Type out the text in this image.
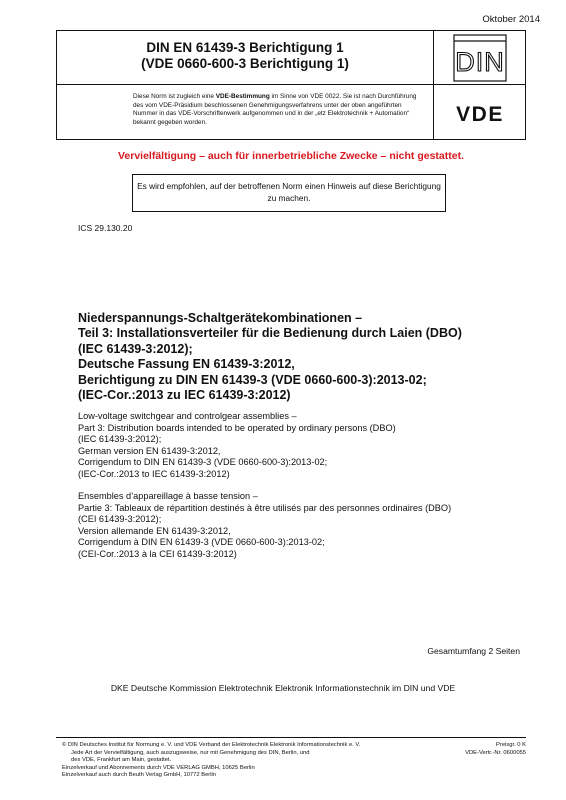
Oktober 2014
DIN EN 61439-3 Berichtigung 1
(VDE 0660-600-3 Berichtigung 1)	DIN
Diese Norm ist zugleich eine VDE-Bestimmung im Sinne von VDE 0022. Sie ist nach Durchführung des vom VDE-Präsidium beschlossenen Genehmigungsverfahrens unter der oben angeführten Nummer in das VDE-Vorschriftenwerk aufgenommen und in der „etz Elektrotechnik + Automation“ bekannt gegeben worden.	VDE
Vervielfältigung – auch für innerbetriebliche Zwecke – nicht gestattet.
Es wird empfohlen, auf der betroffenen Norm einen Hinweis auf diese Berichtigung zu machen.
ICS 29.130.20
Niederspannungs-Schaltgerätekombinationen –
Teil 3: Installationsverteiler für die Bedienung durch Laien (DBO)
(IEC 61439-3:2012);
Deutsche Fassung EN 61439-3:2012,
Berichtigung zu DIN EN 61439-3 (VDE 0660-600-3):2013-02;
(IEC-Cor.:2013 zu IEC 61439-3:2012)
Low-voltage switchgear and controlgear assemblies –
Part 3: Distribution boards intended to be operated by ordinary persons (DBO)
(IEC 61439-3:2012);
German version EN 61439-3:2012,
Corrigendum to DIN EN 61439-3 (VDE 0660-600-3):2013-02;
(IEC-Cor.:2013 to IEC 61439-3:2012)
Ensembles d’appareillage à basse tension –
Partie 3: Tableaux de répartition destinés à être utilisés par des personnes ordinaires (DBO)
(CEI 61439-3:2012);
Version allemande EN 61439-3:2012,
Corrigendum à DIN EN 61439-3 (VDE 0660-600-3):2013-02;
(CEI-Cor.:2013 à la CEI 61439-3:2012)
Gesamtumfang 2 Seiten
DKE Deutsche Kommission Elektrotechnik Elektronik Informationstechnik im DIN und VDE
© DIN Deutsches Institut für Normung e. V. und VDE Verband der Elektrotechnik Elektronik Informationstechnik e. V.
Jede Art der Vervielfältigung, auch auszugsweise, nur mit Genehmigung des DIN, Berlin, und
des VDE, Frankfurt am Main, gestattet.
Einzelverkauf und Abonnements durch VDE VERLAG GMBH, 10625 Berlin
Einzelverkauf auch durch Beuth Verlag GmbH, 10772 Berlin
Preisgr. 0 K
VDE-Vertr.-Nr. 0600055
